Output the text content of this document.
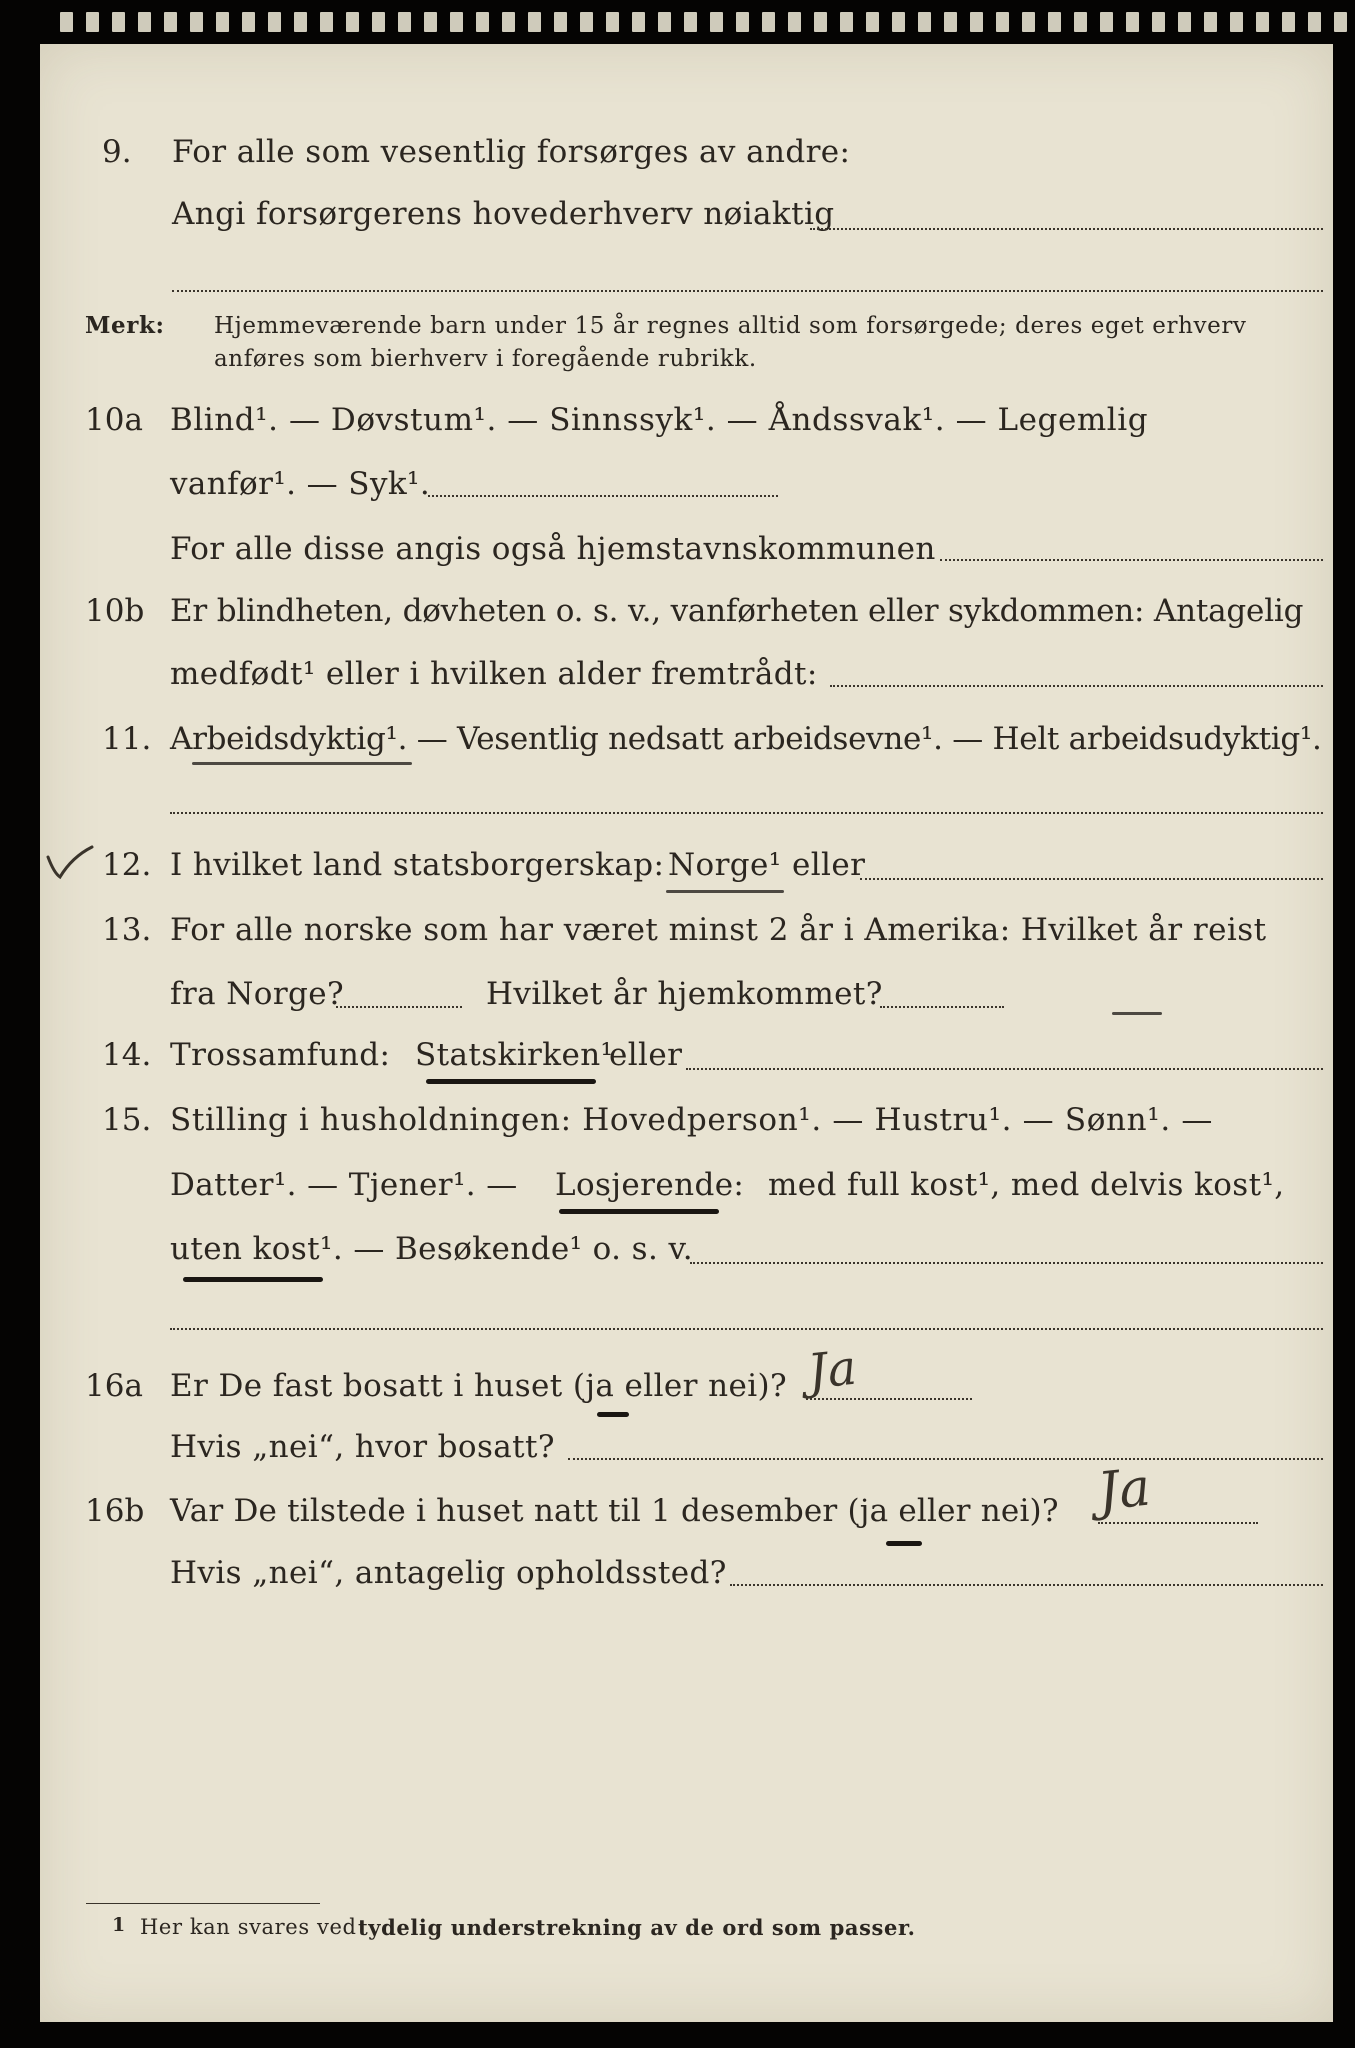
9. For alle som vesentlig forsørges av andre:
Angi forsørgerens hovederhverv nøiaktig
Merk: Hjemmeværende barn under 15 år regnes alltid som forsørgede; deres eget erhverv
anføres som bierhverv i foregående rubrikk.
10a Blind¹. — Døvstum¹. — Sinnssyk¹. — Åndssvak¹. — Legemlig
vanfør¹. — Syk¹.
For alle disse angis også hjemstavnskommunen
10b Er blindheten, døvheten o. s. v., vanførheten eller sykdommen: Antagelig
medfødt¹ eller i hvilken alder fremtrådt:
11. Arbeidsdyktig¹. — Vesentlig nedsatt arbeidsevne¹. — Helt arbeidsudyktig¹.
12. I hvilket land statsborgerskap: Norge¹ eller
13. For alle norske som har været minst 2 år i Amerika: Hvilket år reist
fra Norge?	Hvilket år hjemkommet?
14. Trossamfund: Statskirken¹
eller
15. Stilling i husholdningen: Hovedperson¹. — Hustru¹. — Sønn¹. —
Datter¹. — Tjener¹. — Losjerende: med full kost¹, med delvis kost¹,
uten kost¹. — Besøkende¹ o. s. v.
16a Er De fast bosatt i huset (ja eller nei)? Ja
Hvis „nei“, hvor bosatt?
16b Var De tilstede i huset natt til 1 desember (ja eller nei)? Ja
Hvis „nei“, antagelig opholdssted?
1 Her kan svares ved tydelig understrekning av de ord som passer.
